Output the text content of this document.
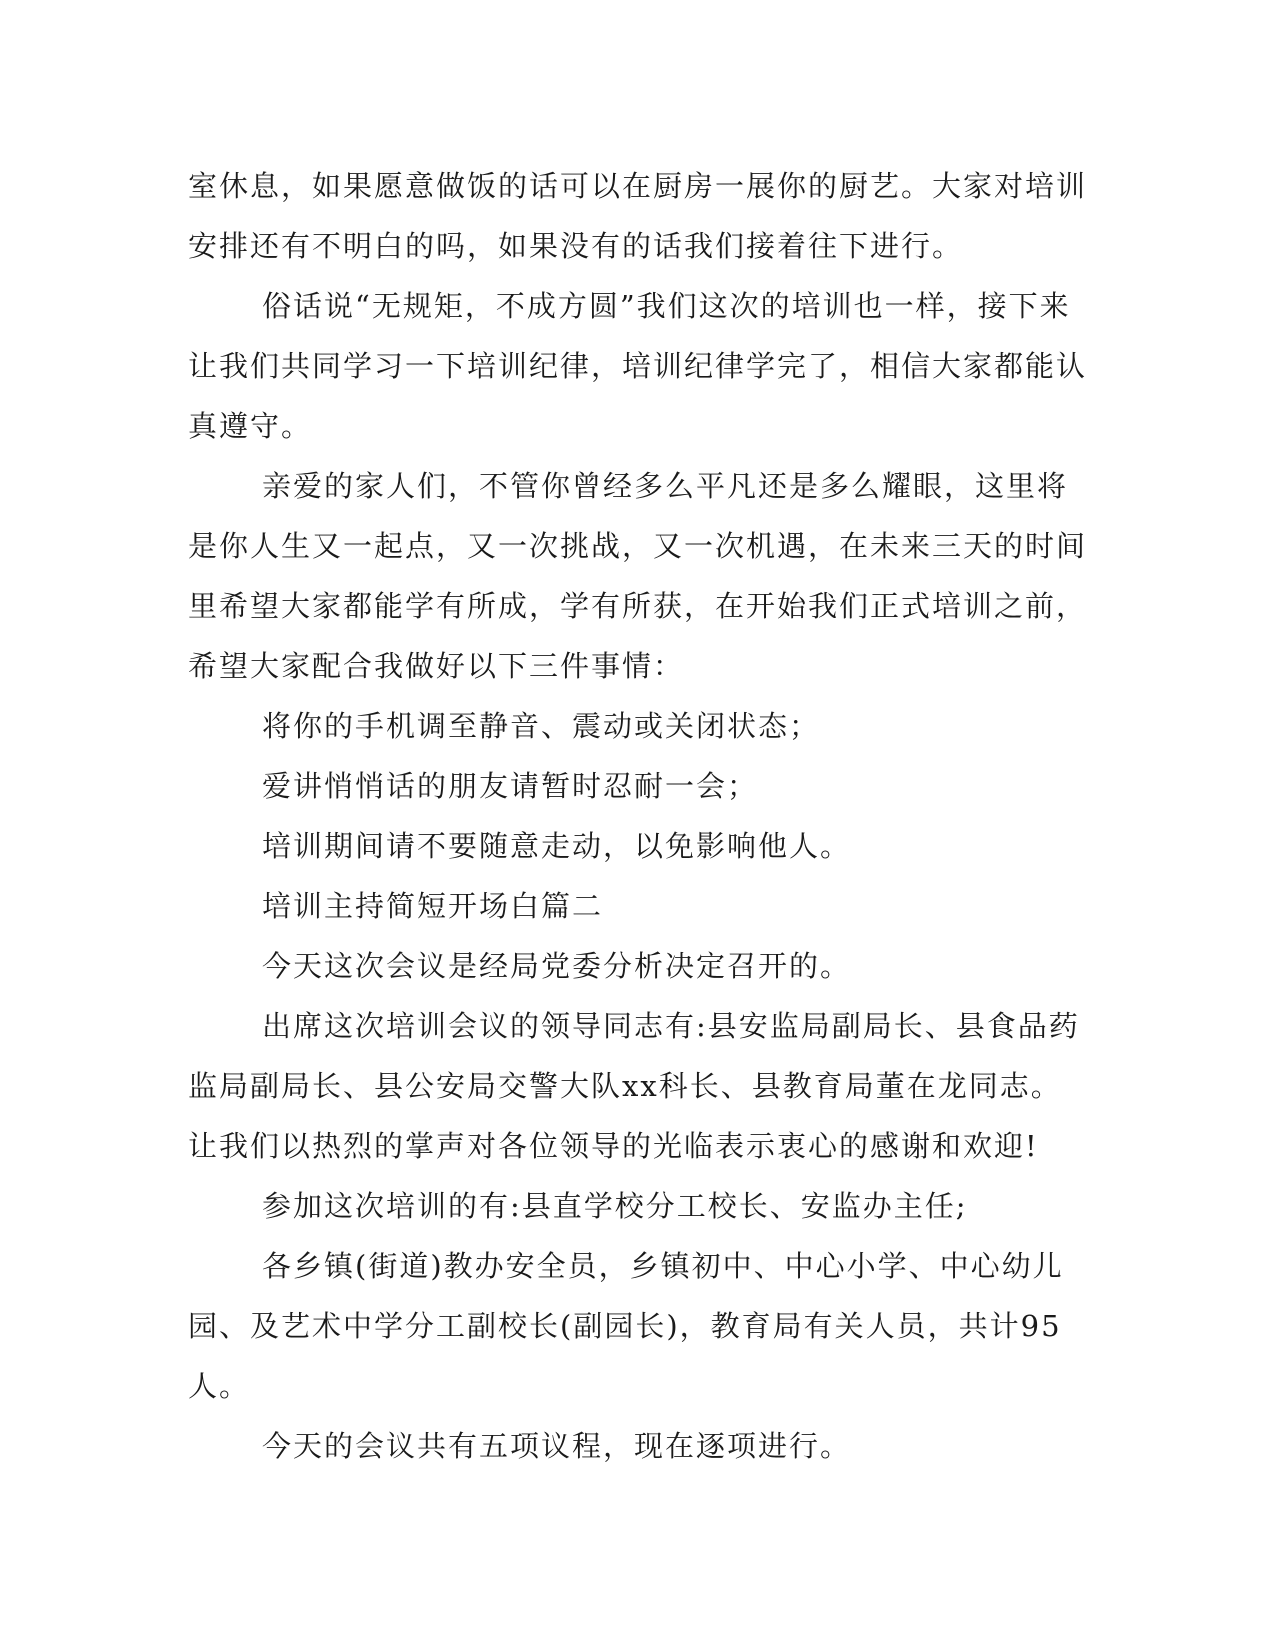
室休息，如果愿意做饭的话可以在厨房一展你的厨艺。大家对培训安排还有不明白的吗，如果没有的话我们接着往下进行。

俗话说“无规矩，不成方圆”我们这次的培训也一样，接下来让我们共同学习一下培训纪律，培训纪律学完了，相信大家都能认真遵守。

亲爱的家人们，不管你曾经多么平凡还是多么耀眼，这里将是你人生又一起点，又一次挑战，又一次机遇，在未来三天的时间里希望大家都能学有所成，学有所获，在开始我们正式培训之前，希望大家配合我做好以下三件事情：

将你的手机调至静音、震动或关闭状态；

爱讲悄悄话的朋友请暂时忍耐一会；

培训期间请不要随意走动，以免影响他人。

培训主持简短开场白篇二

今天这次会议是经局党委分析决定召开的。

出席这次培训会议的领导同志有:县安监局副局长、县食品药监局副局长、县公安局交警大队xx科长、县教育局董在龙同志。让我们以热烈的掌声对各位领导的光临表示衷心的感谢和欢迎!

参加这次培训的有:县直学校分工校长、安监办主任;

各乡镇(街道)教办安全员，乡镇初中、中心小学、中心幼儿园、及艺术中学分工副校长(副园长)，教育局有关人员，共计95人。

今天的会议共有五项议程，现在逐项进行。
